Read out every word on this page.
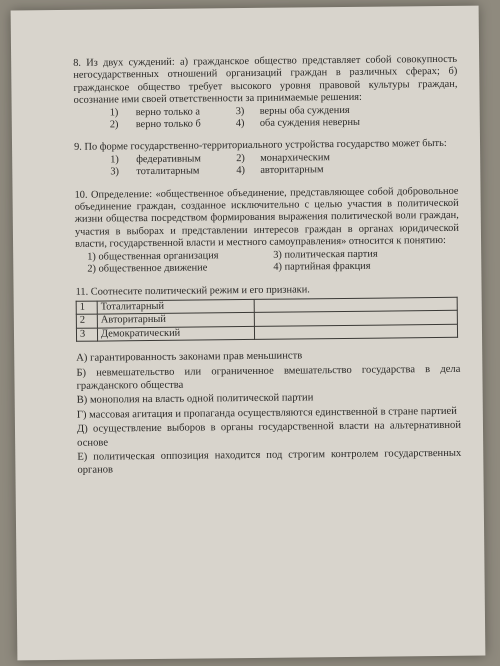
8. Из двух суждений: а) гражданское общество представляет собой совокупность негосударственных отношений организаций граждан в различных сферах; б) гражданское общество требует высокого уровня правовой культуры граждан, осознание ими своей ответственности за принимаемые решения:

1)	верно только а	3)	верны оба суждения
2)	верно только б	4)	оба суждения неверны

9. По форме государственно-территориального устройства государство может быть:

1)	федеративным	2)	монархическим
3)	тоталитарным	4)	авторитарным

10. Определение: «общественное объединение, представляющее собой добровольное объединение граждан, созданное исключительно с целью участия в политической жизни общества посредством формирования выражения политической воли граждан, участия в выборах и представлении интересов граждан в органах юридической власти, государственной власти и местного самоуправления» относится к понятию:

1) общественная организация	3) политическая партия
2) общественное движение	4) партийная фракция

11. Соотнесите политический режим и его признаки.

1	Тоталитарный	
2	Авторитарный	
3	Демократический	

А) гарантированность законами прав меньшинств

Б) невмешательство или ограниченное вмешательство государства в дела гражданского общества

В) монополия на власть одной политической партии

Г) массовая агитация и пропаганда осуществляются единственной в стране партией

Д) осуществление выборов в органы государственной власти на альтернативной основе

Е) политическая оппозиция находится под строгим контролем государственных органов
